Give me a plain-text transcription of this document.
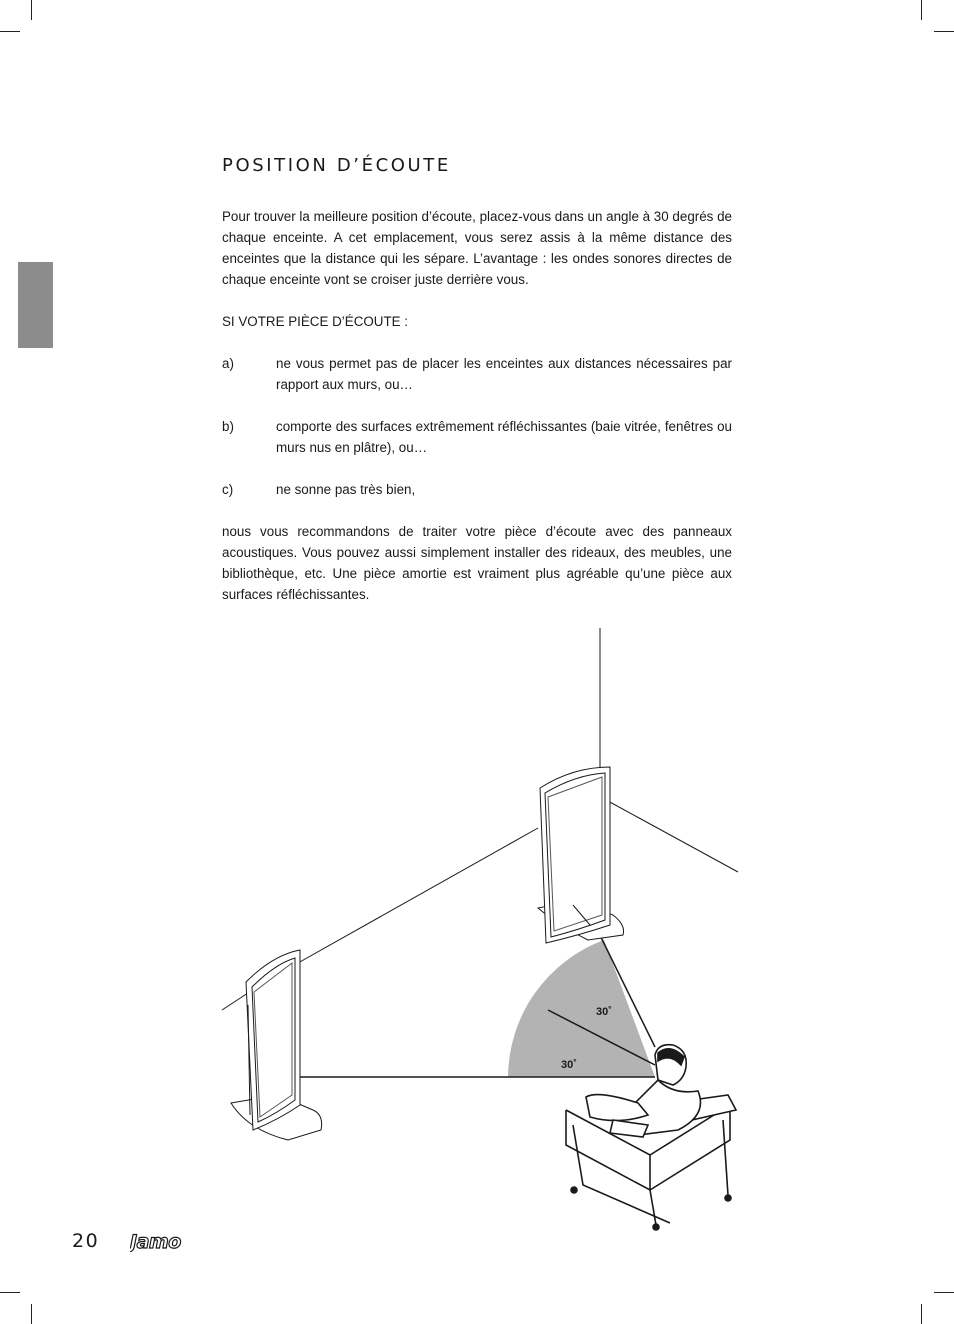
POSITION D’ÉCOUTE

Pour trouver la meilleure position d’écoute, placez-vous dans un angle à 30 degrés de chaque enceinte. A cet emplacement, vous serez assis à la même distance des enceintes que la distance qui les sépare. L’avantage : les ondes sonores directes de chaque enceinte vont se croiser juste derrière vous.

SI VOTRE PIÈCE D’ÉCOUTE :

a)	ne vous permet pas de placer les enceintes aux distances nécessaires par rapport aux murs, ou…
b)	comporte des surfaces extrêmement réfléchissantes (baie vitrée, fenêtres ou murs nus en plâtre), ou…
c)	ne sonne pas très bien,

nous vous recommandons de traiter votre pièce d’écoute avec des panneaux acoustiques. Vous pouvez aussi simplement installer des rideaux, des meubles, une bibliothèque, etc. Une pièce amortie est vraiment plus agréable qu’une pièce aux surfaces réfléchissantes.

30˚
30˚
20 Jamo
